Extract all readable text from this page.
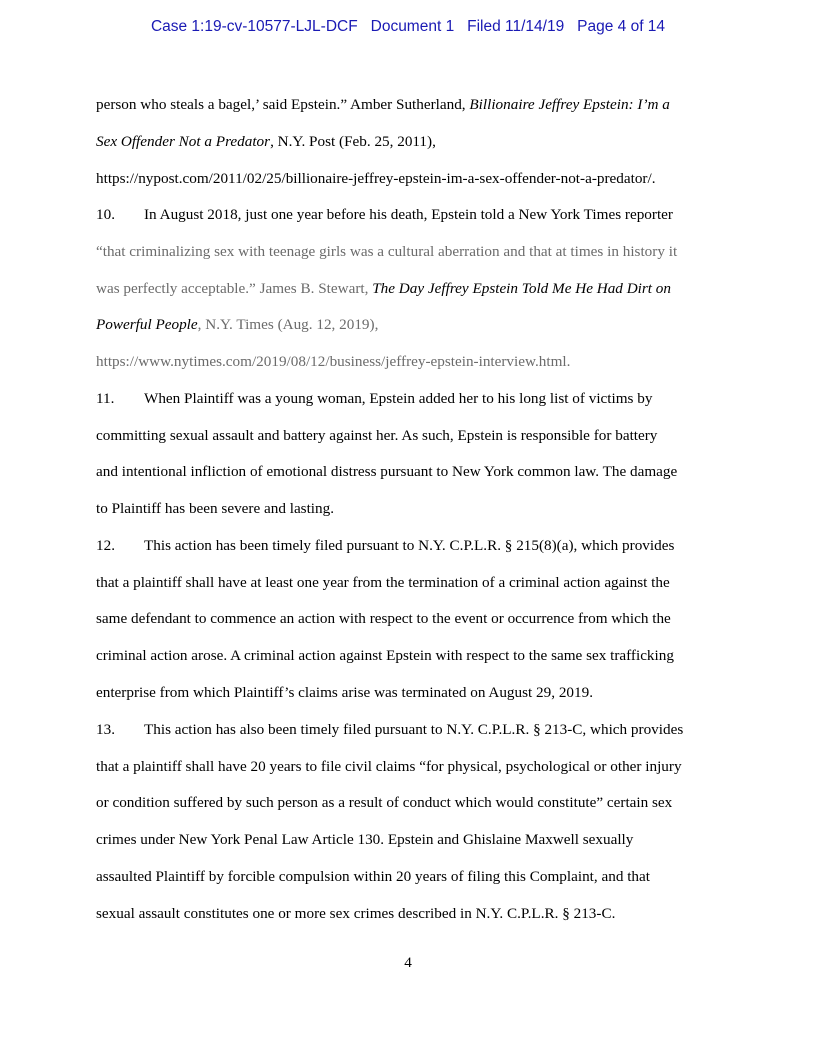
Case 1:19-cv-10577-LJL-DCF Document 1 Filed 11/14/19 Page 4 of 14
person who steals a bagel,’ said Epstein.” Amber Sutherland, Billionaire Jeffrey Epstein: I’m a
Sex Offender Not a Predator, N.Y. Post (Feb. 25, 2011),
https://nypost.com/2011/02/25/billionaire-jeffrey-epstein-im-a-sex-offender-not-a-predator/.
10. In August 2018, just one year before his death, Epstein told a New York Times reporter
“that criminalizing sex with teenage girls was a cultural aberration and that at times in history it
was perfectly acceptable.” James B. Stewart, The Day Jeffrey Epstein Told Me He Had Dirt on
Powerful People, N.Y. Times (Aug. 12, 2019),
https://www.nytimes.com/2019/08/12/business/jeffrey-epstein-interview.html.
11. When Plaintiff was a young woman, Epstein added her to his long list of victims by
committing sexual assault and battery against her. As such, Epstein is responsible for battery
and intentional infliction of emotional distress pursuant to New York common law. The damage
to Plaintiff has been severe and lasting.
12. This action has been timely filed pursuant to N.Y. C.P.L.R. § 215(8)(a), which provides
that a plaintiff shall have at least one year from the termination of a criminal action against the
same defendant to commence an action with respect to the event or occurrence from which the
criminal action arose. A criminal action against Epstein with respect to the same sex trafficking
enterprise from which Plaintiff’s claims arise was terminated on August 29, 2019.
13. This action has also been timely filed pursuant to N.Y. C.P.L.R. § 213-C, which provides
that a plaintiff shall have 20 years to file civil claims “for physical, psychological or other injury
or condition suffered by such person as a result of conduct which would constitute” certain sex
crimes under New York Penal Law Article 130. Epstein and Ghislaine Maxwell sexually
assaulted Plaintiff by forcible compulsion within 20 years of filing this Complaint, and that
sexual assault constitutes one or more sex crimes described in N.Y. C.P.L.R. § 213-C.
4
